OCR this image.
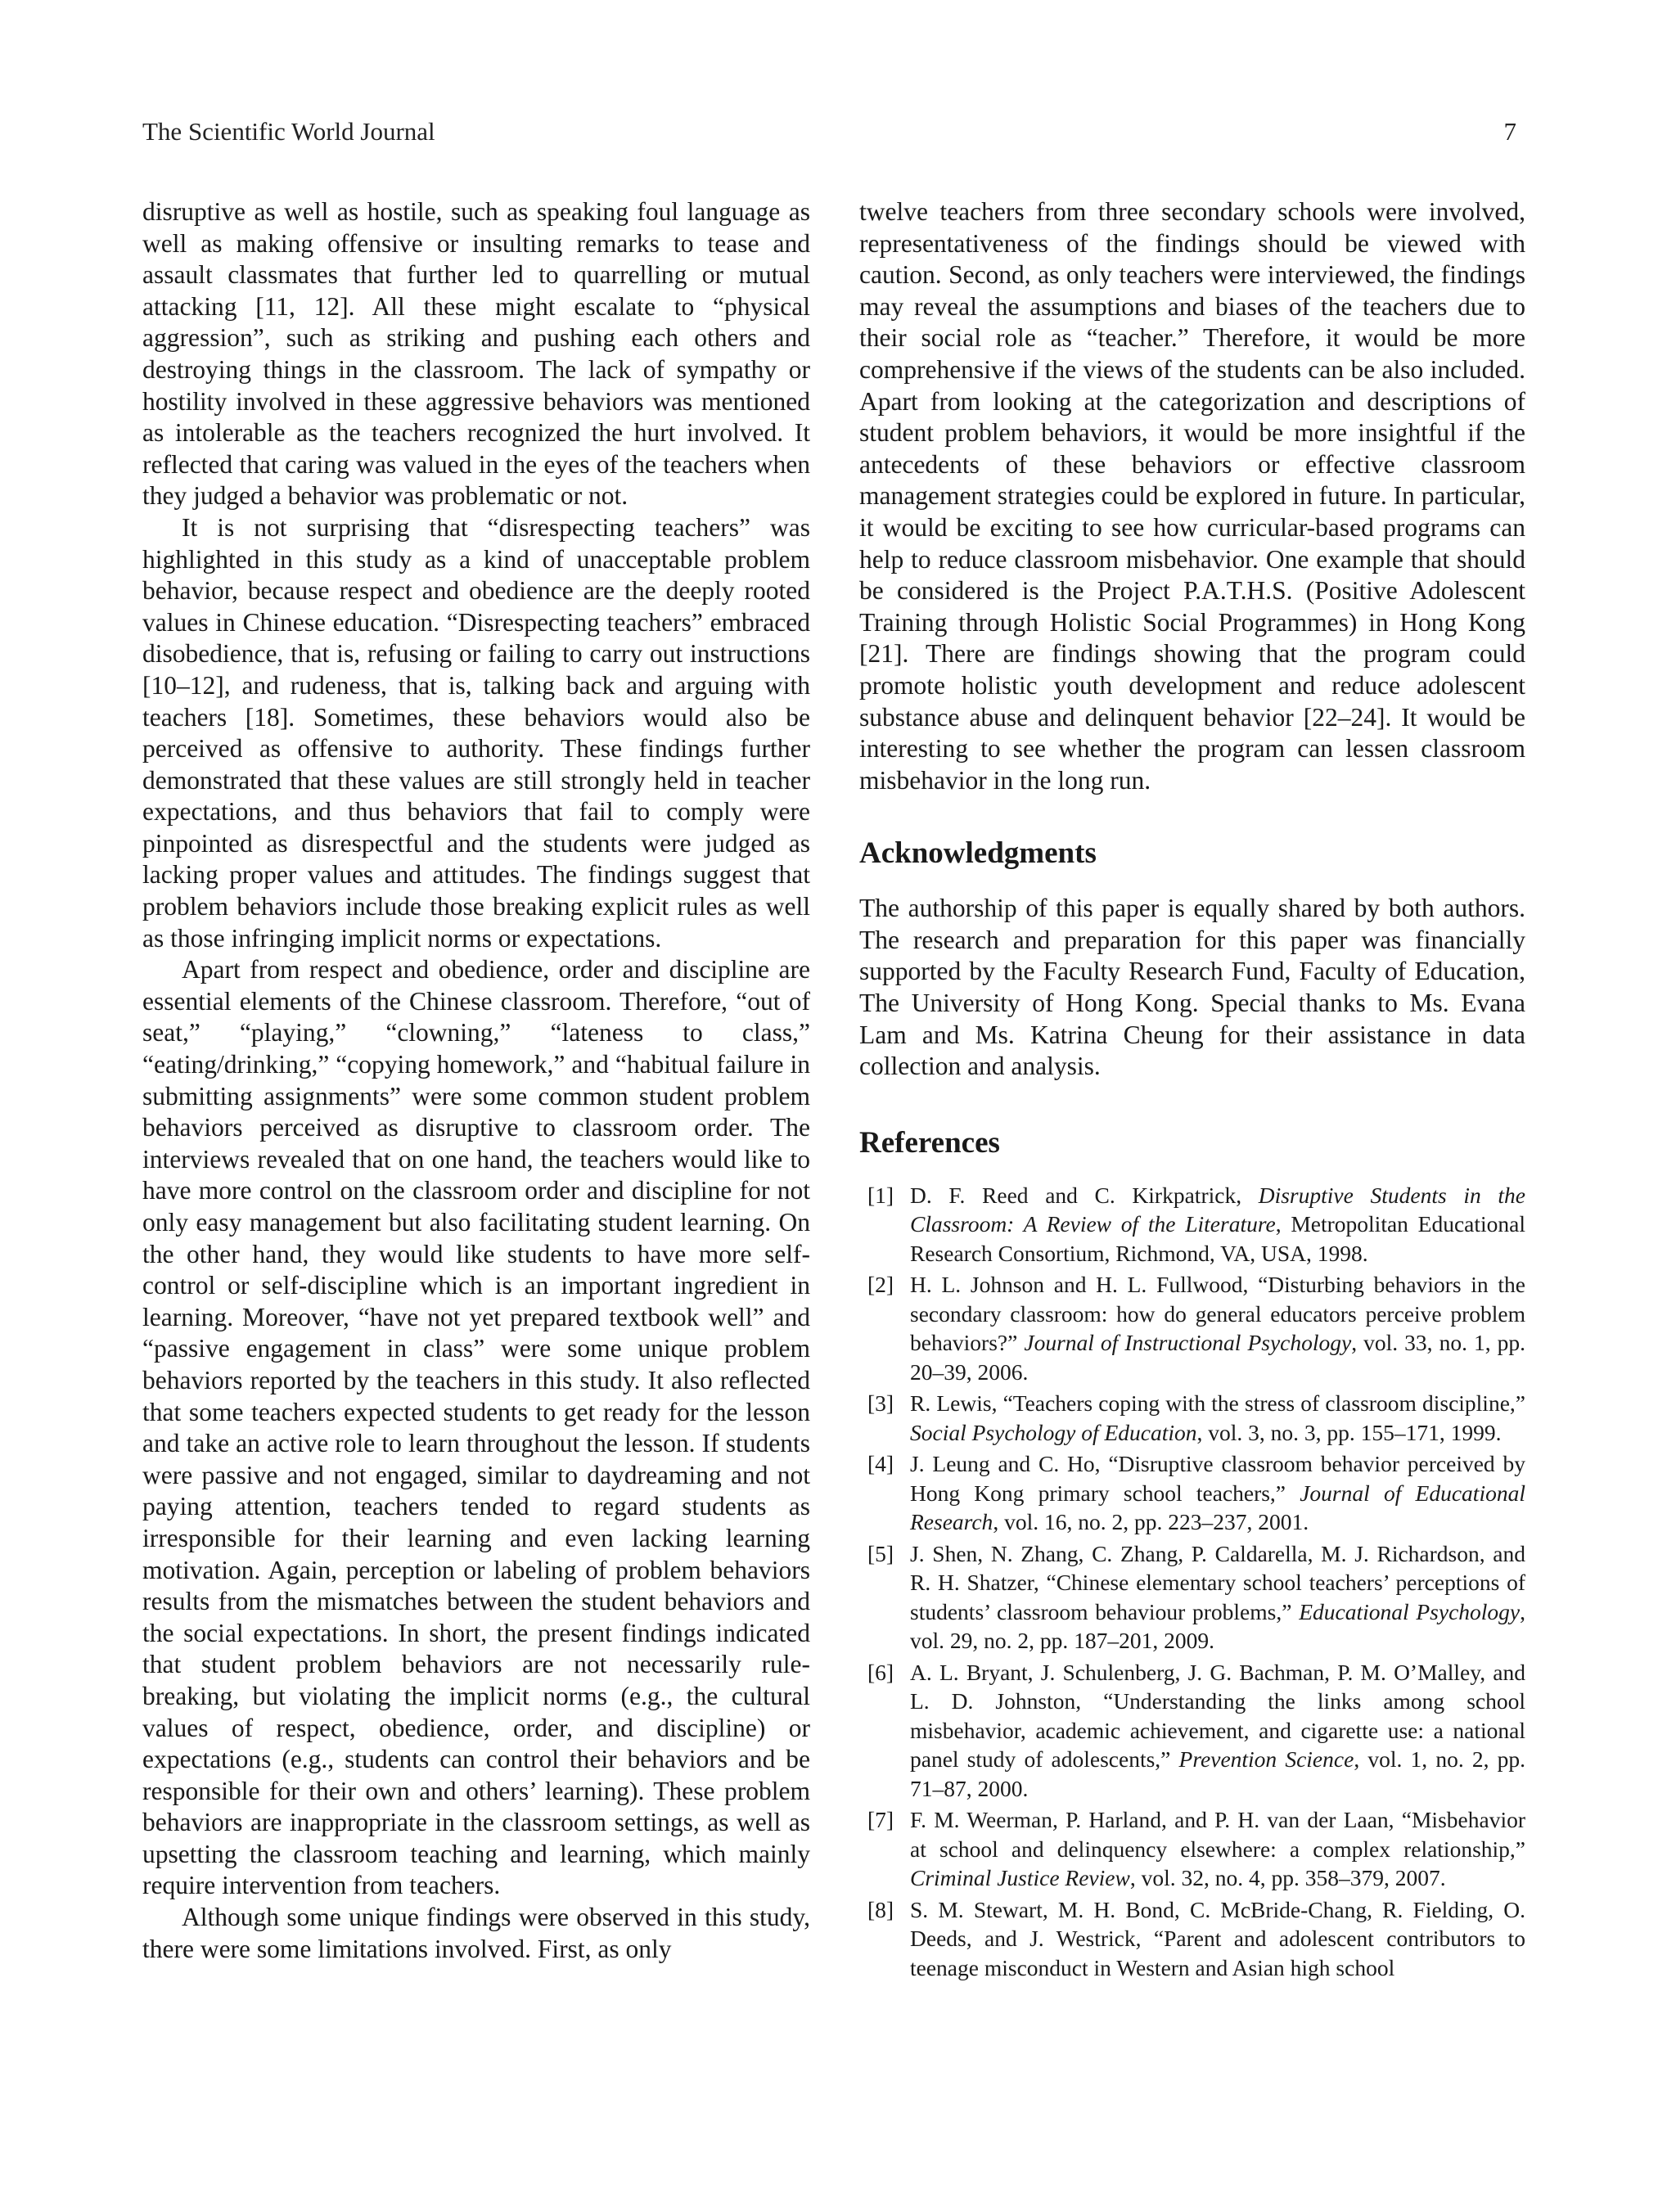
The Scientific World Journal	7

disruptive as well as hostile, such as speaking foul language as well as making offensive or insulting remarks to tease and assault classmates that further led to quarrelling or mutual attacking [11, 12]. All these might escalate to “physical aggression”, such as striking and pushing each others and destroying things in the classroom. The lack of sympathy or hostility involved in these aggressive behaviors was mentioned as intolerable as the teachers recognized the hurt involved. It reflected that caring was valued in the eyes of the teachers when they judged a behavior was problematic or not.

It is not surprising that “disrespecting teachers” was highlighted in this study as a kind of unacceptable problem behavior, because respect and obedience are the deeply rooted values in Chinese education. “Disrespecting teachers” embraced disobedience, that is, refusing or failing to carry out instructions [10–12], and rudeness, that is, talking back and arguing with teachers [18]. Sometimes, these behaviors would also be perceived as offensive to authority. These findings further demonstrated that these values are still strongly held in teacher expectations, and thus behaviors that fail to comply were pinpointed as disrespectful and the students were judged as lacking proper values and attitudes. The findings suggest that problem behaviors include those breaking explicit rules as well as those infringing implicit norms or expectations.

Apart from respect and obedience, order and discipline are essential elements of the Chinese classroom. Therefore, “out of seat,” “playing,” “clowning,” “lateness to class,” “eating/drinking,” “copying homework,” and “habitual failure in submitting assignments” were some common student problem behaviors perceived as disruptive to classroom order. The interviews revealed that on one hand, the teachers would like to have more control on the classroom order and discipline for not only easy management but also facilitating student learning. On the other hand, they would like students to have more self-control or self-discipline which is an important ingredient in learning. Moreover, “have not yet prepared textbook well” and “passive engagement in class” were some unique problem behaviors reported by the teachers in this study. It also reflected that some teachers expected students to get ready for the lesson and take an active role to learn throughout the lesson. If students were passive and not engaged, similar to daydreaming and not paying attention, teachers tended to regard students as irresponsible for their learning and even lacking learning motivation. Again, perception or labeling of problem behaviors results from the mismatches between the student behaviors and the social expectations. In short, the present findings indicated that student problem behaviors are not necessarily rule-breaking, but violating the implicit norms (e.g., the cultural values of respect, obedience, order, and discipline) or expectations (e.g., students can control their behaviors and be responsible for their own and others’ learning). These problem behaviors are inappropriate in the classroom settings, as well as upsetting the classroom teaching and learning, which mainly require intervention from teachers.

Although some unique findings were observed in this study, there were some limitations involved. First, as only

twelve teachers from three secondary schools were involved, representativeness of the findings should be viewed with caution. Second, as only teachers were interviewed, the findings may reveal the assumptions and biases of the teachers due to their social role as “teacher.” Therefore, it would be more comprehensive if the views of the students can be also included. Apart from looking at the categorization and descriptions of student problem behaviors, it would be more insightful if the antecedents of these behaviors or effective classroom management strategies could be explored in future. In particular, it would be exciting to see how curricular-based programs can help to reduce classroom misbehavior. One example that should be considered is the Project P.A.T.H.S. (Positive Adolescent Training through Holistic Social Programmes) in Hong Kong [21]. There are findings showing that the program could promote holistic youth development and reduce adolescent substance abuse and delinquent behavior [22–24]. It would be interesting to see whether the program can lessen classroom misbehavior in the long run.

Acknowledgments

The authorship of this paper is equally shared by both authors. The research and preparation for this paper was financially supported by the Faculty Research Fund, Faculty of Education, The University of Hong Kong. Special thanks to Ms. Evana Lam and Ms. Katrina Cheung for their assistance in data collection and analysis.

References
[1] D. F. Reed and C. Kirkpatrick, Disruptive Students in the Classroom: A Review of the Literature, Metropolitan Educational Research Consortium, Richmond, VA, USA, 1998.
[2] H. L. Johnson and H. L. Fullwood, “Disturbing behaviors in the secondary classroom: how do general educators perceive problem behaviors?” Journal of Instructional Psychology, vol. 33, no. 1, pp. 20–39, 2006.
[3] R. Lewis, “Teachers coping with the stress of classroom discipline,” Social Psychology of Education, vol. 3, no. 3, pp. 155–171, 1999.
[4] J. Leung and C. Ho, “Disruptive classroom behavior perceived by Hong Kong primary school teachers,” Journal of Educational Research, vol. 16, no. 2, pp. 223–237, 2001.
[5] J. Shen, N. Zhang, C. Zhang, P. Caldarella, M. J. Richardson, and R. H. Shatzer, “Chinese elementary school teachers’ perceptions of students’ classroom behaviour problems,” Educational Psychology, vol. 29, no. 2, pp. 187–201, 2009.
[6] A. L. Bryant, J. Schulenberg, J. G. Bachman, P. M. O’Malley, and L. D. Johnston, “Understanding the links among school misbehavior, academic achievement, and cigarette use: a national panel study of adolescents,” Prevention Science, vol. 1, no. 2, pp. 71–87, 2000.
[7] F. M. Weerman, P. Harland, and P. H. van der Laan, “Misbehavior at school and delinquency elsewhere: a complex relationship,” Criminal Justice Review, vol. 32, no. 4, pp. 358–379, 2007.
[8] S. M. Stewart, M. H. Bond, C. McBride-Chang, R. Fielding, O. Deeds, and J. Westrick, “Parent and adolescent contributors to teenage misconduct in Western and Asian high school
